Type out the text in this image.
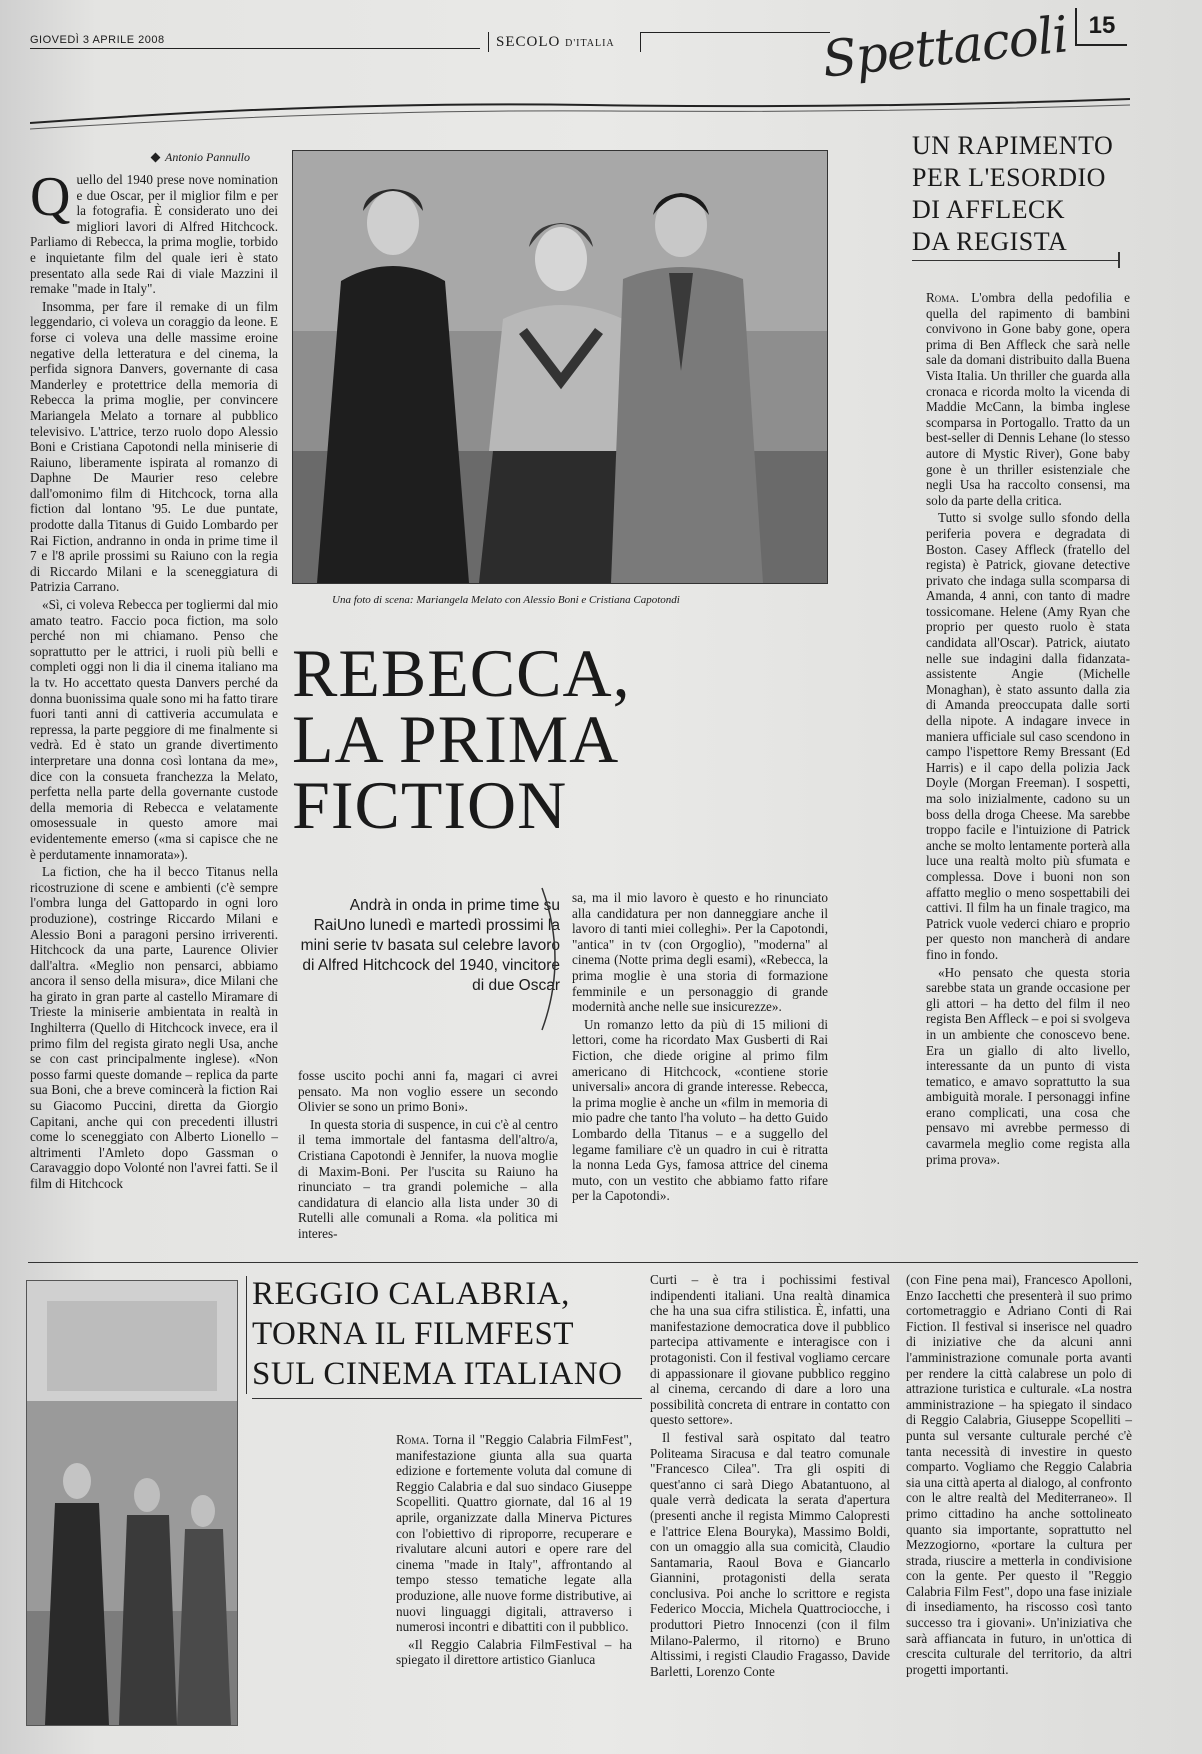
GIOVEDÌ 3 APRILE 2008	SECOLO D'ITALIA	Spettacoli 15
Antonio Pannullo

Quello del 1940 prese nove nomination e due Oscar, per il miglior film e per la fotografia. È considerato uno dei migliori lavori di Alfred Hitchcock. Parliamo di Rebecca, la prima moglie, torbido e inquietante film del quale ieri è stato presentato alla sede Rai di viale Mazzini il remake "made in Italy".

Insomma, per fare il remake di un film leggendario, ci voleva un coraggio da leone. E forse ci voleva una delle massime eroine negative della letteratura e del cinema, la perfida signora Danvers, governante di casa Manderley e protettrice della memoria di Rebecca la prima moglie, per convincere Mariangela Melato a tornare al pubblico televisivo. L'attrice, terzo ruolo dopo Alessio Boni e Cristiana Capotondi nella miniserie di Raiuno, liberamente ispirata al romanzo di Daphne De Maurier reso celebre dall'omonimo film di Hitchcock, torna alla fiction dal lontano '95. Le due puntate, prodotte dalla Titanus di Guido Lombardo per Rai Fiction, andranno in onda in prime time il 7 e l'8 aprile prossimi su Raiuno con la regia di Riccardo Milani e la sceneggiatura di Patrizia Carrano.

«Sì, ci voleva Rebecca per togliermi dal mio amato teatro. Faccio poca fiction, ma solo perché non mi chiamano. Penso che soprattutto per le attrici, i ruoli più belli e completi oggi non li dia il cinema italiano ma la tv. Ho accettato questa Danvers perché da donna buonissima quale sono mi ha fatto tirare fuori tanti anni di cattiveria accumulata e repressa, la parte peggiore di me finalmente si vedrà. Ed è stato un grande divertimento interpretare una donna così lontana da me», dice con la consueta franchezza la Melato, perfetta nella parte della governante custode della memoria di Rebecca e velatamente omosessuale in questo amore mai evidentemente emerso («ma si capisce che ne è perdutamente innamorata»).

La fiction, che ha il becco Titanus nella ricostruzione di scene e ambienti (c'è sempre l'ombra lunga del Gattopardo in ogni loro produzione), costringe Riccardo Milani e Alessio Boni a paragoni persino irriverenti. Hitchcock da una parte, Laurence Olivier dall'altra. «Meglio non pensarci, abbiamo ancora il senso della misura», dice Milani che ha girato in gran parte al castello Miramare di Trieste la miniserie ambientata in realtà in Inghilterra (Quello di Hitchcock invece, era il primo film del regista girato negli Usa, anche se con cast principalmente inglese). «Non posso farmi queste domande – replica da parte sua Boni, che a breve comincerà la fiction Rai su Giacomo Puccini, diretta da Giorgio Capitani, anche qui con precedenti illustri come lo sceneggiato con Alberto Lionello – altrimenti l'Amleto dopo Gassman o Caravaggio dopo Volonté non l'avrei fatti. Se il film di Hitchcock

Una foto di scena: Mariangela Melato con Alessio Boni e Cristiana Capotondi
REBECCA,
LA PRIMA
FICTION
Andrà in onda in prime time su RaiUno lunedì e martedì prossimi la mini serie tv basata sul celebre lavoro di Alfred Hitchcock del 1940, vincitore di due Oscar

fosse uscito pochi anni fa, magari ci avrei pensato. Ma non voglio essere un secondo Olivier se sono un primo Boni».

In questa storia di suspence, in cui c'è al centro il tema immortale del fantasma dell'altro/a, Cristiana Capotondi è Jennifer, la nuova moglie di Maxim-Boni. Per l'uscita su Raiuno ha rinunciato – tra grandi polemiche – alla candidatura di elancio alla lista under 30 di Rutelli alle comunali a Roma. «la politica mi interes-

sa, ma il mio lavoro è questo e ho rinunciato alla candidatura per non danneggiare anche il lavoro di tanti miei colleghi». Per la Capotondi, "antica" in tv (con Orgoglio), "moderna" al cinema (Notte prima degli esami), «Rebecca, la prima moglie è una storia di formazione femminile e un personaggio di grande modernità anche nelle sue insicurezze».

Un romanzo letto da più di 15 milioni di lettori, come ha ricordato Max Gusberti di Rai Fiction, che diede origine al primo film americano di Hitchcock, «contiene storie universali» ancora di grande interesse. Rebecca, la prima moglie è anche un «film in memoria di mio padre che tanto l'ha voluto – ha detto Guido Lombardo della Titanus – e a suggello del legame familiare c'è un quadro in cui è ritratta la nonna Leda Gys, famosa attrice del cinema muto, con un vestito che abbiamo fatto rifare per la Capotondi».

UN RAPIMENTO
PER L'ESORDIO
DI AFFLECK
DA REGISTA

Roma. L'ombra della pedofilia e quella del rapimento di bambini convivono in Gone baby gone, opera prima di Ben Affleck che sarà nelle sale da domani distribuito dalla Buena Vista Italia. Un thriller che guarda alla cronaca e ricorda molto la vicenda di Maddie McCann, la bimba inglese scomparsa in Portogallo. Tratto da un best-seller di Dennis Lehane (lo stesso autore di Mystic River), Gone baby gone è un thriller esistenziale che negli Usa ha raccolto consensi, ma solo da parte della critica.

Tutto si svolge sullo sfondo della periferia povera e degradata di Boston. Casey Affleck (fratello del regista) è Patrick, giovane detective privato che indaga sulla scomparsa di Amanda, 4 anni, con tanto di madre tossicomane. Helene (Amy Ryan che proprio per questo ruolo è stata candidata all'Oscar). Patrick, aiutato nelle sue indagini dalla fidanzata-assistente Angie (Michelle Monaghan), è stato assunto dalla zia di Amanda preoccupata dalle sorti della nipote. A indagare invece in maniera ufficiale sul caso scendono in campo l'ispettore Remy Bressant (Ed Harris) e il capo della polizia Jack Doyle (Morgan Freeman). I sospetti, ma solo inizialmente, cadono su un boss della droga Cheese. Ma sarebbe troppo facile e l'intuizione di Patrick anche se molto lentamente porterà alla luce una realtà molto più sfumata e complessa. Dove i buoni non son affatto meglio o meno sospettabili dei cattivi. Il film ha un finale tragico, ma Patrick vuole vederci chiaro e proprio per questo non mancherà di andare fino in fondo.

«Ho pensato che questa storia sarebbe stata un grande occasione per gli attori – ha detto del film il neo regista Ben Affleck – e poi si svolgeva in un ambiente che conoscevo bene. Era un giallo di alto livello, interessante da un punto di vista tematico, e amavo soprattutto la sua ambiguità morale. I personaggi infine erano complicati, una cosa che pensavo mi avrebbe permesso di cavarmela meglio come regista alla prima prova».

REGGIO CALABRIA,
TORNA IL FILMFEST
SUL CINEMA ITALIANO

Roma. Torna il "Reggio Calabria FilmFest", manifestazione giunta alla sua quarta edizione e fortemente voluta dal comune di Reggio Calabria e dal suo sindaco Giuseppe Scopelliti. Quattro giornate, dal 16 al 19 aprile, organizzate dalla Minerva Pictures con l'obiettivo di riproporre, recuperare e rivalutare alcuni autori e opere rare del cinema "made in Italy", affrontando al tempo stesso tematiche legate alla produzione, alle nuove forme distributive, ai nuovi linguaggi digitali, attraverso i numerosi incontri e dibattiti con il pubblico.

«Il Reggio Calabria FilmFestival – ha spiegato il direttore artistico Gianluca

Curti – è tra i pochissimi festival indipendenti italiani. Una realtà dinamica che ha una sua cifra stilistica. È, infatti, una manifestazione democratica dove il pubblico partecipa attivamente e interagisce con i protagonisti. Con il festival vogliamo cercare di appassionare il giovane pubblico reggino al cinema, cercando di dare a loro una possibilità concreta di entrare in contatto con questo settore».

Il festival sarà ospitato dal teatro Politeama Siracusa e dal teatro comunale "Francesco Cilea". Tra gli ospiti di quest'anno ci sarà Diego Abatantuono, al quale verrà dedicata la serata d'apertura (presenti anche il regista Mimmo Calopresti e l'attrice Elena Bouryka), Massimo Boldi, con un omaggio alla sua comicità, Claudio Santamaria, Raoul Bova e Giancarlo Giannini, protagonisti della serata conclusiva. Poi anche lo scrittore e regista Federico Moccia, Michela Quattrociocche, i produttori Pietro Innocenzi (con il film Milano-Palermo, il ritorno) e Bruno Altissimi, i registi Claudio Fragasso, Davide Barletti, Lorenzo Conte

(con Fine pena mai), Francesco Apolloni, Enzo Iacchetti che presenterà il suo primo cortometraggio e Adriano Conti di Rai Fiction. Il festival si inserisce nel quadro di iniziative che da alcuni anni l'amministrazione comunale porta avanti per rendere la città calabrese un polo di attrazione turistica e culturale. «La nostra amministrazione – ha spiegato il sindaco di Reggio Calabria, Giuseppe Scopelliti – punta sul versante culturale perché c'è tanta necessità di investire in questo comparto. Vogliamo che Reggio Calabria sia una città aperta al dialogo, al confronto con le altre realtà del Mediterraneo». Il primo cittadino ha anche sottolineato quanto sia importante, soprattutto nel Mezzogiorno, «portare la cultura per strada, riuscire a metterla in condivisione con la gente. Per questo il "Reggio Calabria Film Fest", dopo una fase iniziale di insediamento, ha riscosso così tanto successo tra i giovani». Un'iniziativa che sarà affiancata in futuro, in un'ottica di crescita culturale del territorio, da altri progetti importanti.
